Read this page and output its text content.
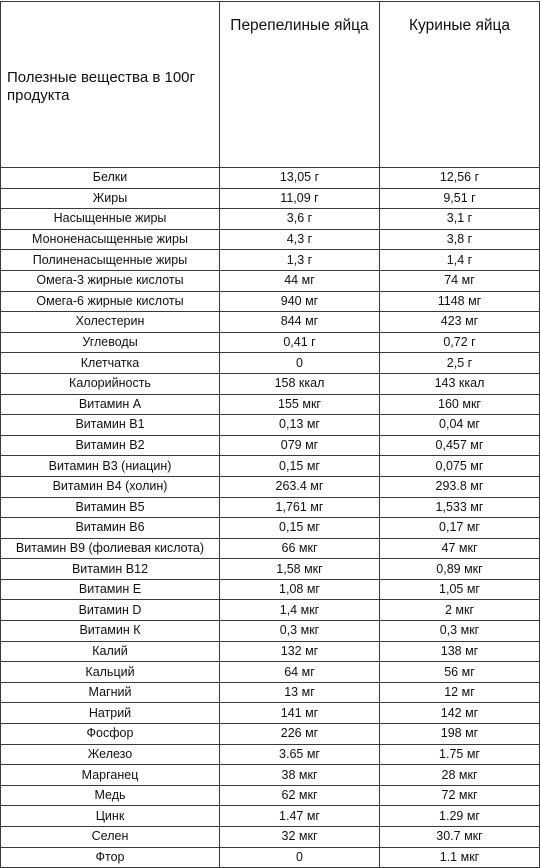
Полезные вещества в 100г продукта	Перепелиные яйца	Куриные яйца
Белки	13,05 г	12,56 г
Жиры	11,09 г	9,51 г
Насыщенные жиры	3,6 г	3,1 г
Мононенасыщенные жиры	4,3 г	3,8 г
Полиненасыщенные жиры	1,3 г	1,4 г
Омега-3 жирные кислоты	44 мг	74 мг
Омега-6 жирные кислоты	940 мг	1148 мг
Холестерин	844 мг	423 мг
Углеводы	0,41 г	0,72 г
Клетчатка	0	2,5 г
Калорийность	158 ккал	143 ккал
Витамин А	155 мкг	160 мкг
Витамин В1	0,13 мг	0,04 мг
Витамин В2	079 мг	0,457 мг
Витамин В3 (ниацин)	0,15 мг	0,075 мг
Витамин В4 (холин)	263.4 мг	293.8 мг
Витамин В5	1,761 мг	1,533 мг
Витамин В6	0,15 мг	0,17 мг
Витамин В9 (фолиевая кислота)	66 мкг	47 мкг
Витамин В12	1,58 мкг	0,89 мкг
Витамин Е	1,08 мг	1,05 мг
Витамин D	1,4 мкг	2 мкг
Витамин К	0,3 мкг	0,3 мкг
Калий	132 мг	138 мг
Кальций	64 мг	56 мг
Магний	13 мг	12 мг
Натрий	141 мг	142 мг
Фосфор	226 мг	198 мг
Железо	3.65 мг	1.75 мг
Марганец	38 мкг	28 мкг
Медь	62 мкг	72 мкг
Цинк	1.47 мг	1.29 мг
Селен	32 мкг	30.7 мкг
Фтор	0	1.1 мкг
